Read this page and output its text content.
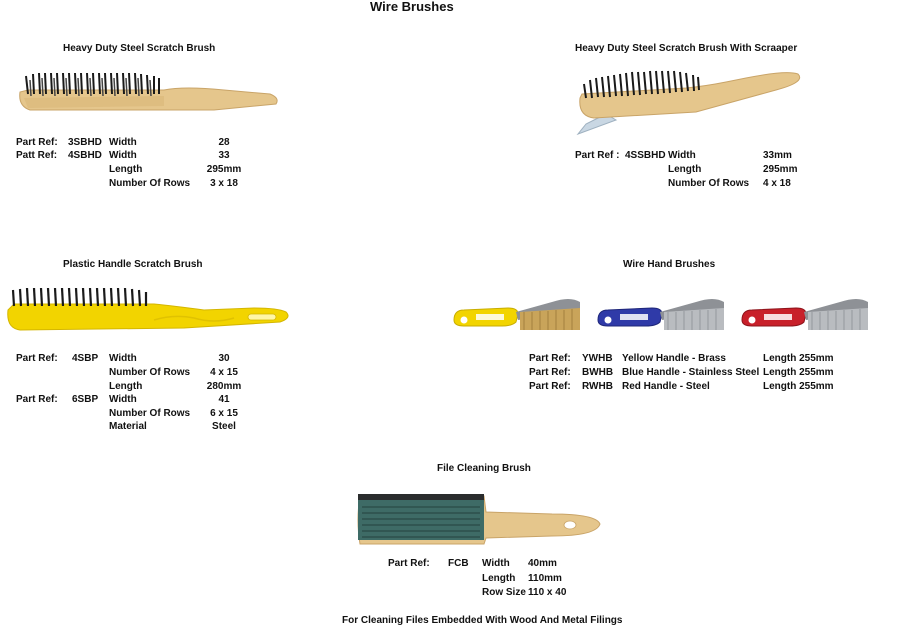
Wire Brushes
Heavy Duty Steel Scratch Brush
Part Ref: 3SBHD Width	28
Patt Ref: 4SBHD Width	33
Length	295mm
Number Of Rows	3 x 18
Heavy Duty Steel Scratch Brush With Scraaper
Part Ref : 4SSBHD Width	33mm
Length	295mm
Number Of Rows 4 x 18
Plastic Handle Scratch Brush
Part Ref: 4SBP Width	30
Number Of Rows	4 x 15
Length	280mm
Part Ref: 6SBP Width	41
Number Of Rows	6 x 15
Material	Steel
Wire Hand Brushes
Part Ref: YWHB Yellow Handle - Brass	Length 255mm
Part Ref: BWHB Blue Handle - Stainless Steel Length 255mm
Part Ref: RWHB Red Handle - Steel	Length 255mm
File Cleaning Brush
Part Ref: FCB Width 40mm
Length 110mm
Row Size 110 x 40
For Cleaning Files Embedded With Wood And Metal Filings
